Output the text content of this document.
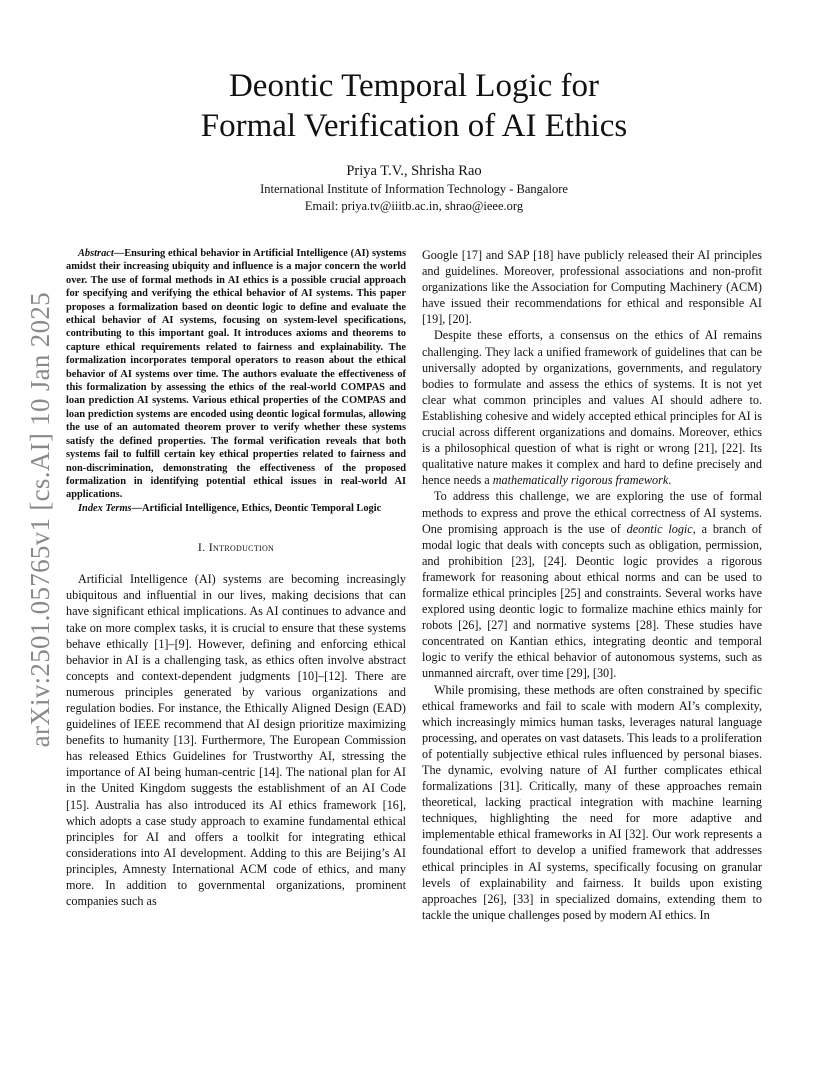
arXiv:2501.05765v1 [cs.AI] 10 Jan 2025
Deontic Temporal Logic for
Formal Verification of AI Ethics
Priya T.V., Shrisha Rao
International Institute of Information Technology - Bangalore
Email: priya.tv@iiitb.ac.in, shrao@ieee.org

Abstract—Ensuring ethical behavior in Artificial Intelligence (AI) systems amidst their increasing ubiquity and influence is a major concern the world over. The use of formal methods in AI ethics is a possible crucial approach for specifying and verifying the ethical behavior of AI systems. This paper proposes a formalization based on deontic logic to define and evaluate the ethical behavior of AI systems, focusing on system-level specifications, contributing to this important goal. It introduces axioms and theorems to capture ethical requirements related to fairness and explainability. The formalization incorporates temporal operators to reason about the ethical behavior of AI systems over time. The authors evaluate the effectiveness of this formalization by assessing the ethics of the real-world COMPAS and loan prediction AI systems. Various ethical properties of the COMPAS and loan prediction systems are encoded using deontic logical formulas, allowing the use of an automated theorem prover to verify whether these systems satisfy the defined properties. The formal verification reveals that both systems fail to fulfill certain key ethical properties related to fairness and non-discrimination, demonstrating the effectiveness of the proposed formalization in identifying potential ethical issues in real-world AI applications.

Index Terms—Artificial Intelligence, Ethics, Deontic Temporal Logic

I. Introduction

Artificial Intelligence (AI) systems are becoming increasingly ubiquitous and influential in our lives, making decisions that can have significant ethical implications. As AI continues to advance and take on more complex tasks, it is crucial to ensure that these systems behave ethically [1]–[9]. However, defining and enforcing ethical behavior in AI is a challenging task, as ethics often involve abstract concepts and context-dependent judgments [10]–[12]. There are numerous principles generated by various organizations and regulation bodies. For instance, the Ethically Aligned Design (EAD) guidelines of IEEE recommend that AI design prioritize maximizing benefits to humanity [13]. Furthermore, The European Commission has released Ethics Guidelines for Trustworthy AI, stressing the importance of AI being human-centric [14]. The national plan for AI in the United Kingdom suggests the establishment of an AI Code [15]. Australia has also introduced its AI ethics framework [16], which adopts a case study approach to examine fundamental ethical principles for AI and offers a toolkit for integrating ethical considerations into AI development. Adding to this are Beijing’s AI principles, Amnesty International ACM code of ethics, and many more. In addition to governmental organizations, prominent companies such as

Google [17] and SAP [18] have publicly released their AI principles and guidelines. Moreover, professional associations and non-profit organizations like the Association for Computing Machinery (ACM) have issued their recommendations for ethical and responsible AI [19], [20].

Despite these efforts, a consensus on the ethics of AI remains challenging. They lack a unified framework of guidelines that can be universally adopted by organizations, governments, and regulatory bodies to formulate and assess the ethics of systems. It is not yet clear what common principles and values AI should adhere to. Establishing cohesive and widely accepted ethical principles for AI is crucial across different organizations and domains. Moreover, ethics is a philosophical question of what is right or wrong [21], [22]. Its qualitative nature makes it complex and hard to define precisely and hence needs a mathematically rigorous framework.

To address this challenge, we are exploring the use of formal methods to express and prove the ethical correctness of AI systems. One promising approach is the use of deontic logic, a branch of modal logic that deals with concepts such as obligation, permission, and prohibition [23], [24]. Deontic logic provides a rigorous framework for reasoning about ethical norms and can be used to formalize ethical principles [25] and constraints. Several works have explored using deontic logic to formalize machine ethics mainly for robots [26], [27] and normative systems [28]. These studies have concentrated on Kantian ethics, integrating deontic and temporal logic to verify the ethical behavior of autonomous systems, such as unmanned aircraft, over time [29], [30].

While promising, these methods are often constrained by specific ethical frameworks and fail to scale with modern AI’s complexity, which increasingly mimics human tasks, leverages natural language processing, and operates on vast datasets. This leads to a proliferation of potentially subjective ethical rules influenced by personal biases. The dynamic, evolving nature of AI further complicates ethical formalizations [31]. Critically, many of these approaches remain theoretical, lacking practical integration with machine learning techniques, highlighting the need for more adaptive and implementable ethical frameworks in AI [32]. Our work represents a foundational effort to develop a unified framework that addresses ethical principles in AI systems, specifically focusing on granular levels of explainability and fairness. It builds upon existing approaches [26], [33] in specialized domains, extending them to tackle the unique challenges posed by modern AI ethics. In
